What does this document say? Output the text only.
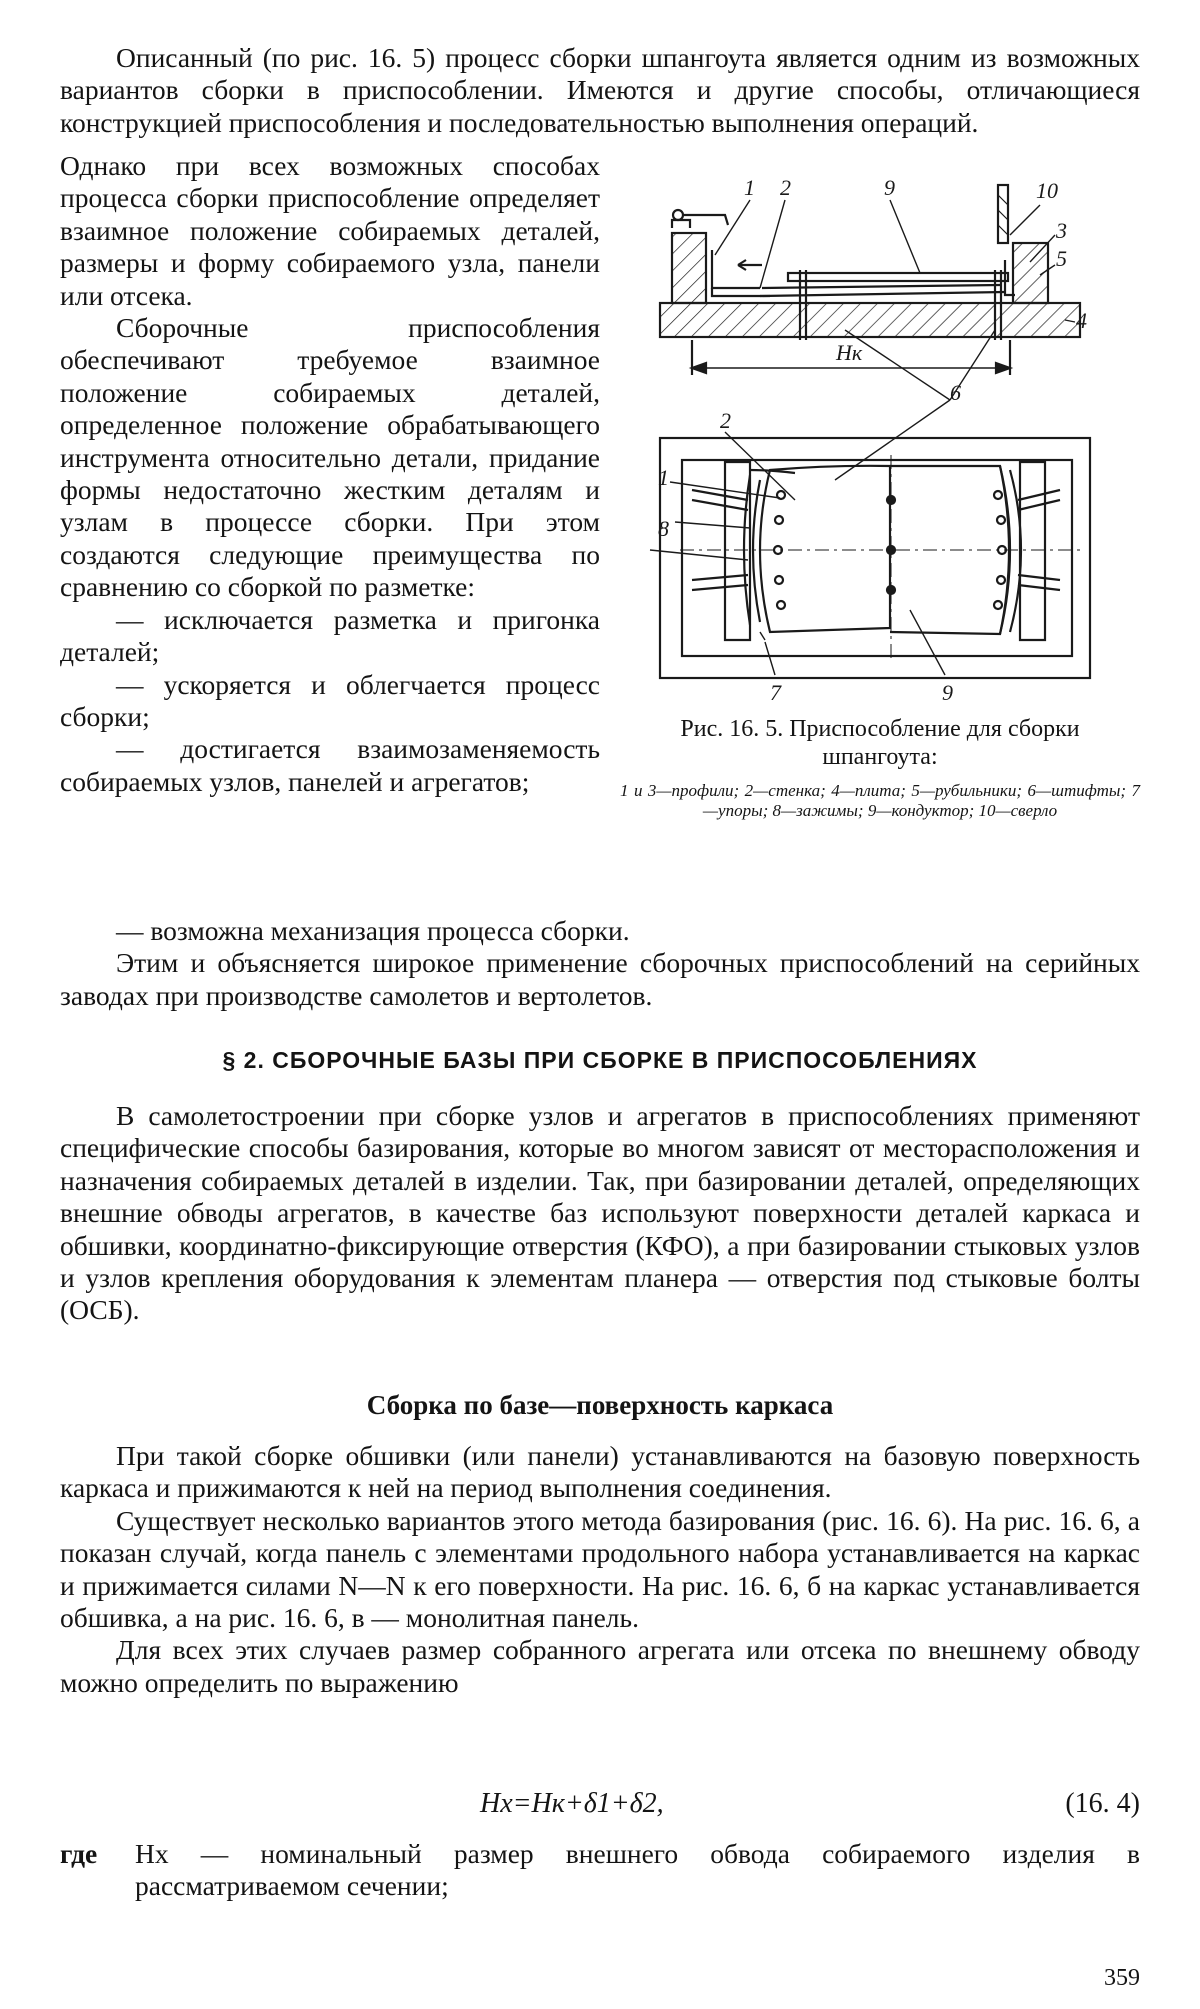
Описанный (по рис. 16. 5) процесс сборки шпангоута является одним из возможных вариантов сборки в приспособлении. Имеются и другие способы, отличающиеся конструкцией приспособления и последовательностью выполнения операций.

Однако при всех возможных способах процесса сборки приспособление определяет взаимное положение собираемых деталей, размеры и форму собираемого узла, панели или отсека.

Сборочные приспособления обеспечивают требуемое взаимное положение собираемых деталей, определенное положение обрабатывающего инструмента относительно детали, придание формы недостаточно жестким деталям и узлам в процессе сборки. При этом создаются следующие преимущества по сравнению со сборкой по разметке:

— исключается разметка и пригонка деталей;

— ускоряется и облегчается процесс сборки;

— достигается взаимозаменяемость собираемых узлов, панелей и агрегатов;

1 2	9	10
3
5
4
Hк
2
6
1
8
7	9

Рис. 16. 5. Приспособление для сборки шпангоута:

1 и 3—профили; 2—стенка; 4—плита; 5—рубильники; 6—штифты; 7—упоры; 8—зажимы; 9—кондуктор; 10—сверло

— возможна механизация процесса сборки.

Этим и объясняется широкое применение сборочных приспособлений на серийных заводах при производстве самолетов и вертолетов.

§ 2. СБОРОЧНЫЕ БАЗЫ ПРИ СБОРКЕ В ПРИСПОСОБЛЕНИЯХ

В самолетостроении при сборке узлов и агрегатов в приспособлениях применяют специфические способы базирования, которые во многом зависят от месторасположения и назначения собираемых деталей в изделии. Так, при базировании деталей, определяющих внешние обводы агрегатов, в качестве баз используют поверхности деталей каркаса и обшивки, координатно-фиксирующие отверстия (КФО), а при базировании стыковых узлов и узлов крепления оборудования к элементам планера — отверстия под стыковые болты (ОСБ).

Сборка по базе—поверхность каркаса

При такой сборке обшивки (или панели) устанавливаются на базовую поверхность каркаса и прижимаются к ней на период выполнения соединения.

Существует несколько вариантов этого метода базирования (рис. 16. 6). На рис. 16. 6, а показан случай, когда панель с элементами продольного набора устанавливается на каркас и прижимается силами N—N к его поверхности. На рис. 16. 6, б на каркас устанавливается обшивка, а на рис. 16. 6, в — монолитная панель.

Для всех этих случаев размер собранного агрегата или отсека по внешнему обводу можно определить по выражению

Hх=Hк+δ1+δ2,	(16. 4)
где Hх — номинальный размер внешнего обвода собираемого изделия в рассматриваемом сечении;
359
